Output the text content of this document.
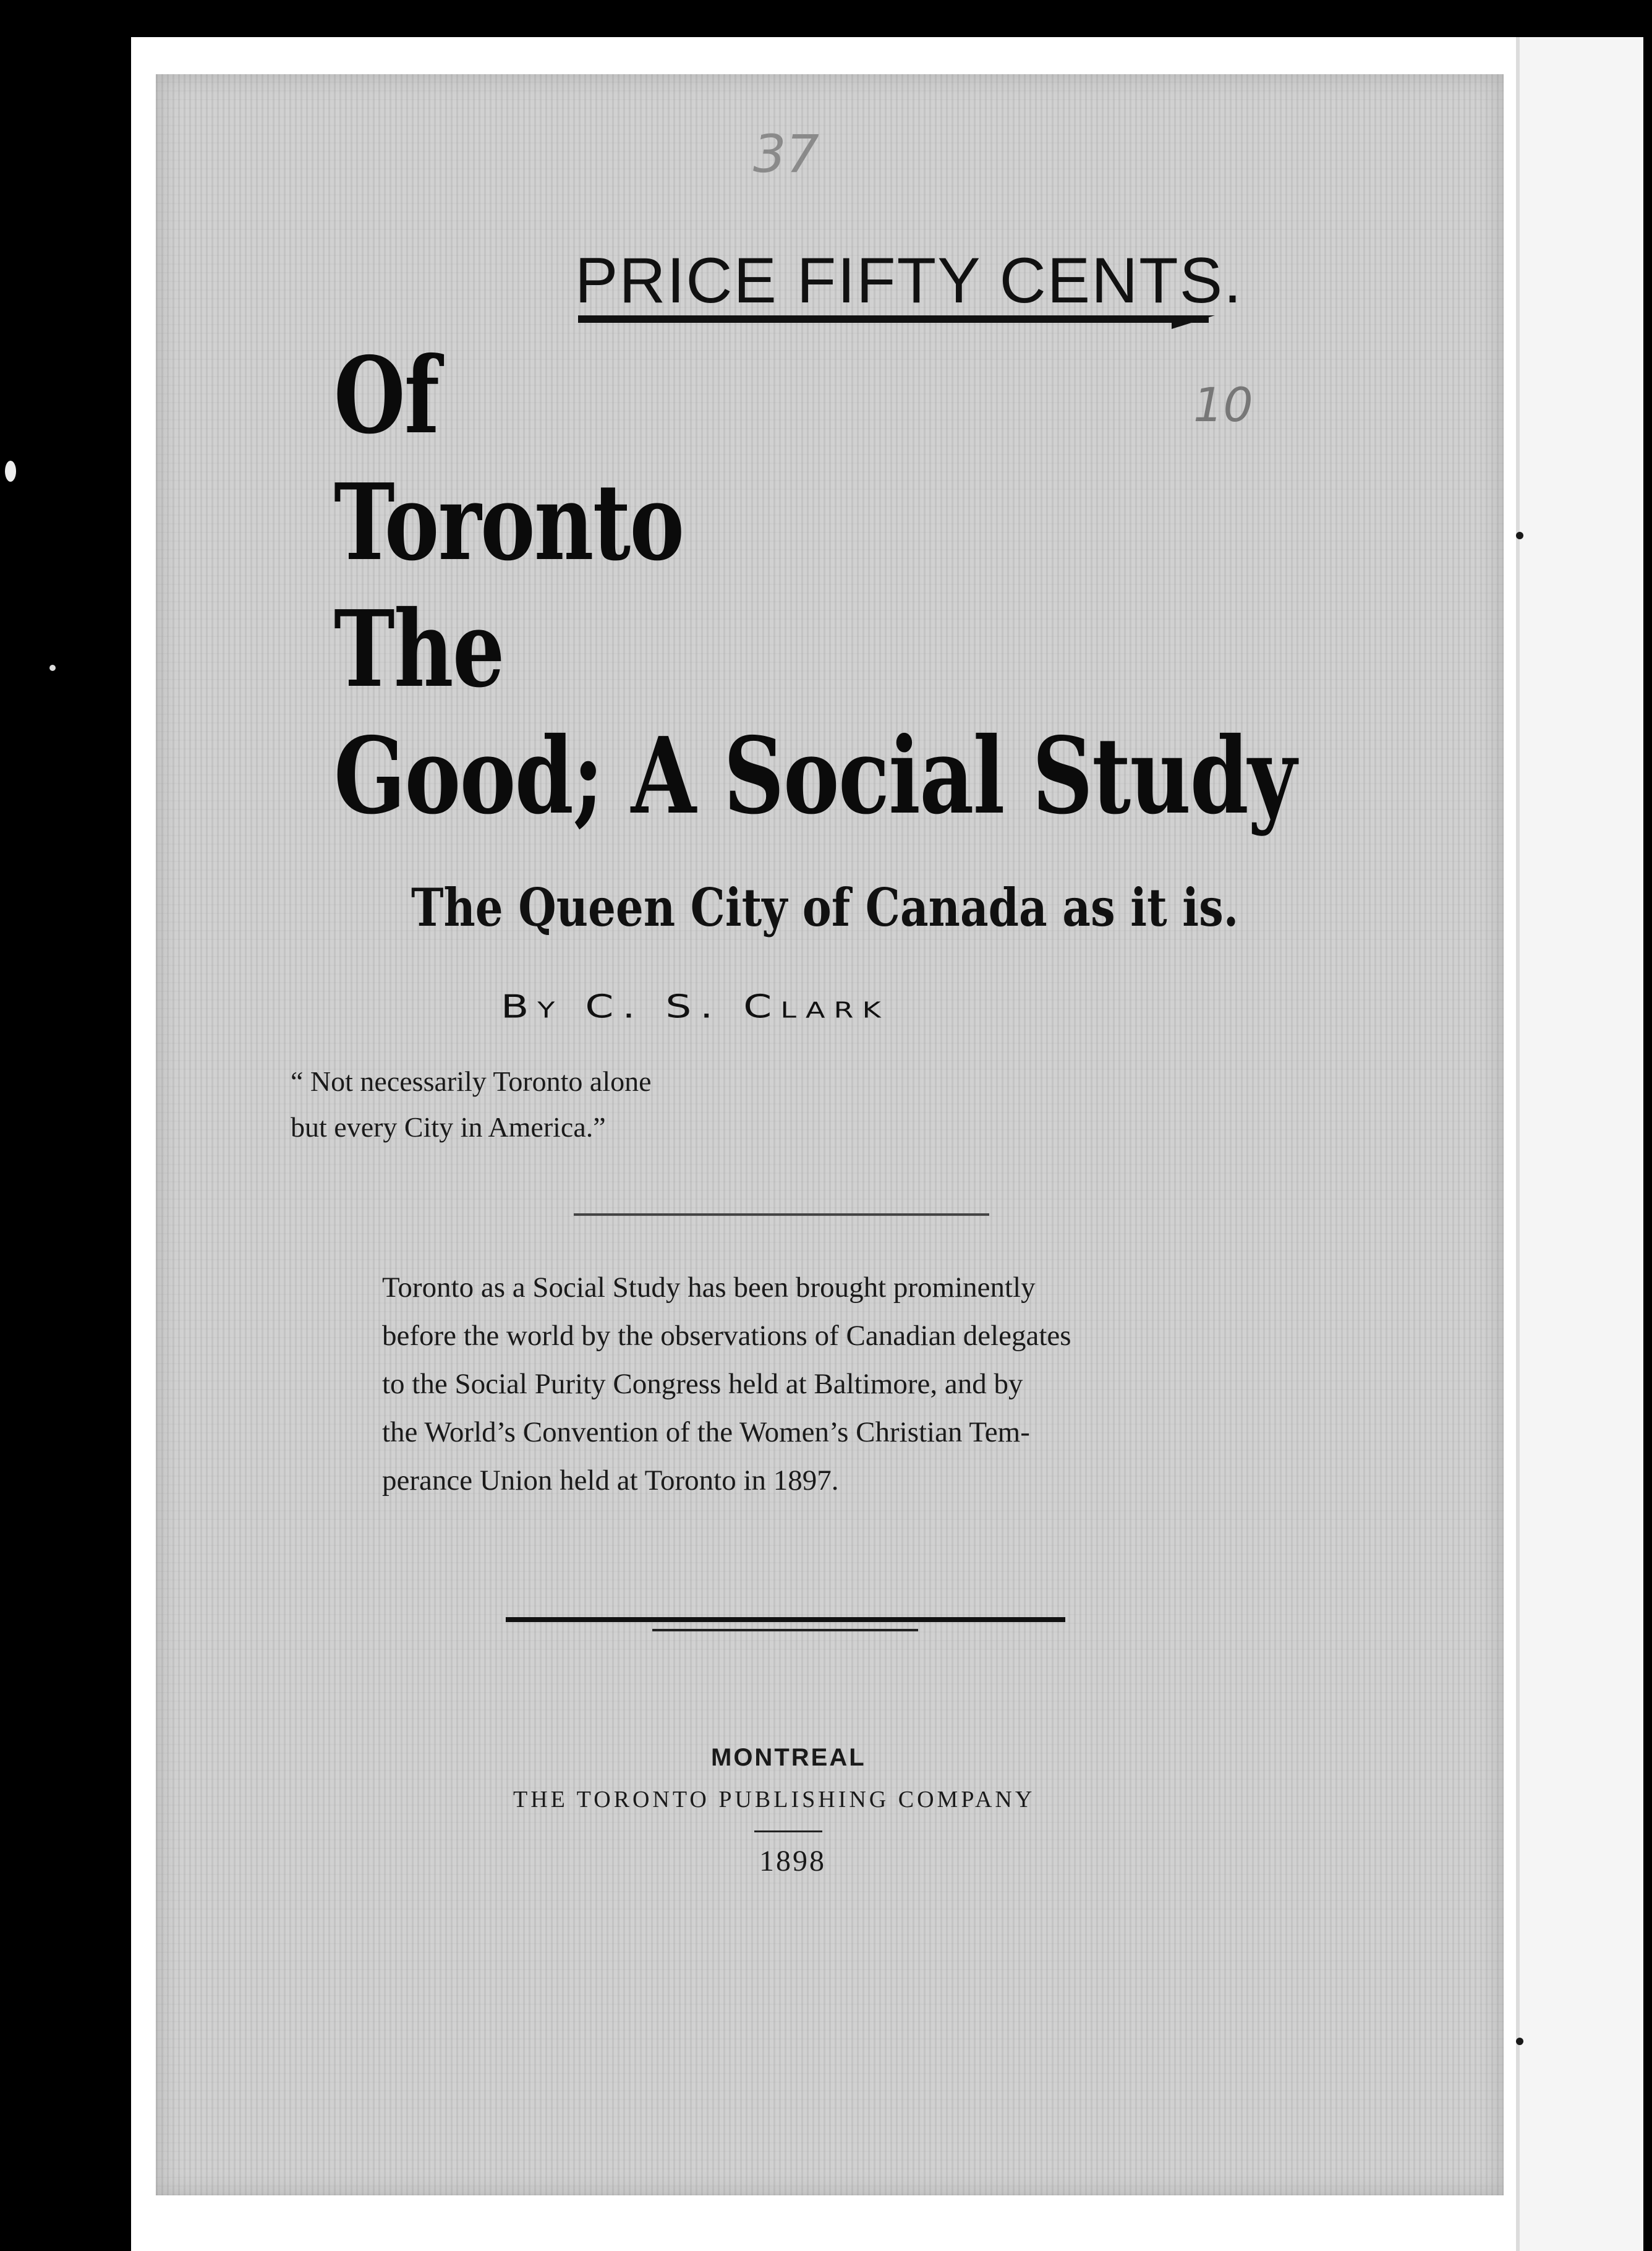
37
10
PRICE FIFTY CENTS.
Of
Toronto
The
Good; A Social Study
The Queen City of Canada as it is.
By C. S. Clark
“ Not necessarily Toronto alone
but every City in America.”
Toronto as a Social Study has been brought prominently
before the world by the observations of Canadian delegates
to the Social Purity Congress held at Baltimore, and by
the World’s Convention of the Women’s Christian Tem-
perance Union held at Toronto in 1897.
MONTREAL
THE TORONTO PUBLISHING COMPANY
1898
